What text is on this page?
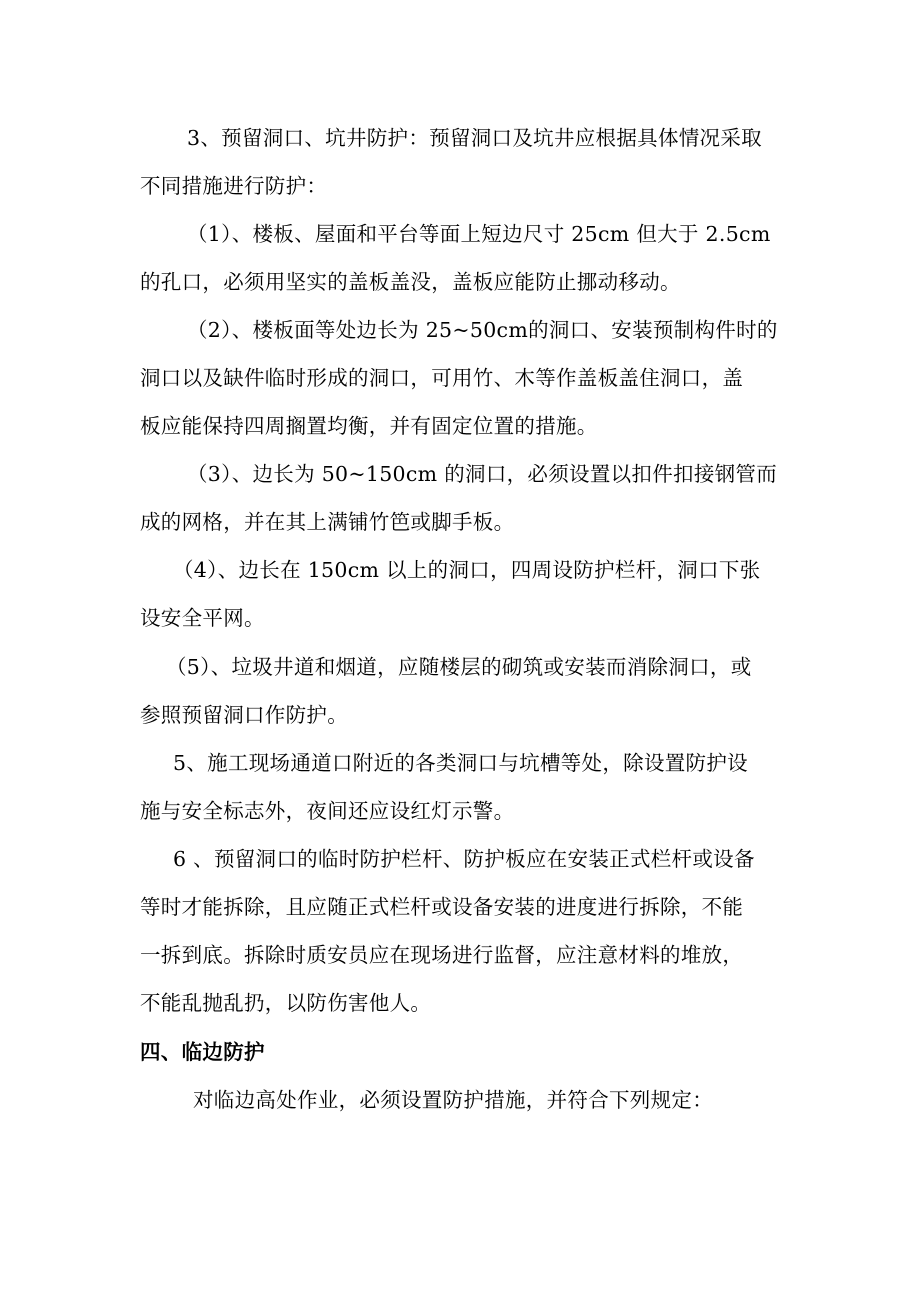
3、预留洞口、坑井防护：预留洞口及坑井应根据具体情况采取
不同措施进行防护：
（1）、楼板、屋面和平台等面上短边尺寸 25cm 但大于 2.5cm
的孔口，必须用坚实的盖板盖没，盖板应能防止挪动移动。
（2）、楼板面等处边长为 25~50cm的洞口、安装预制构件时的
洞口以及缺件临时形成的洞口，可用竹、木等作盖板盖住洞口，盖
板应能保持四周搁置均衡，并有固定位置的措施。
（3）、边长为 50~150cm 的洞口，必须设置以扣件扣接钢管而
成的网格，并在其上满铺竹笆或脚手板。
（4）、边长在 150cm 以上的洞口，四周设防护栏杆，洞口下张
设安全平网。
（5）、垃圾井道和烟道，应随楼层的砌筑或安装而消除洞口，或
参照预留洞口作防护。
5、施工现场通道口附近的各类洞口与坑槽等处，除设置防护设
施与安全标志外，夜间还应设红灯示警。
6 、预留洞口的临时防护栏杆、防护板应在安装正式栏杆或设备
等时才能拆除，且应随正式栏杆或设备安装的进度进行拆除，不能
一拆到底。拆除时质安员应在现场进行监督，应注意材料的堆放，
不能乱抛乱扔，以防伤害他人。
四、临边防护
对临边高处作业，必须设置防护措施，并符合下列规定：
